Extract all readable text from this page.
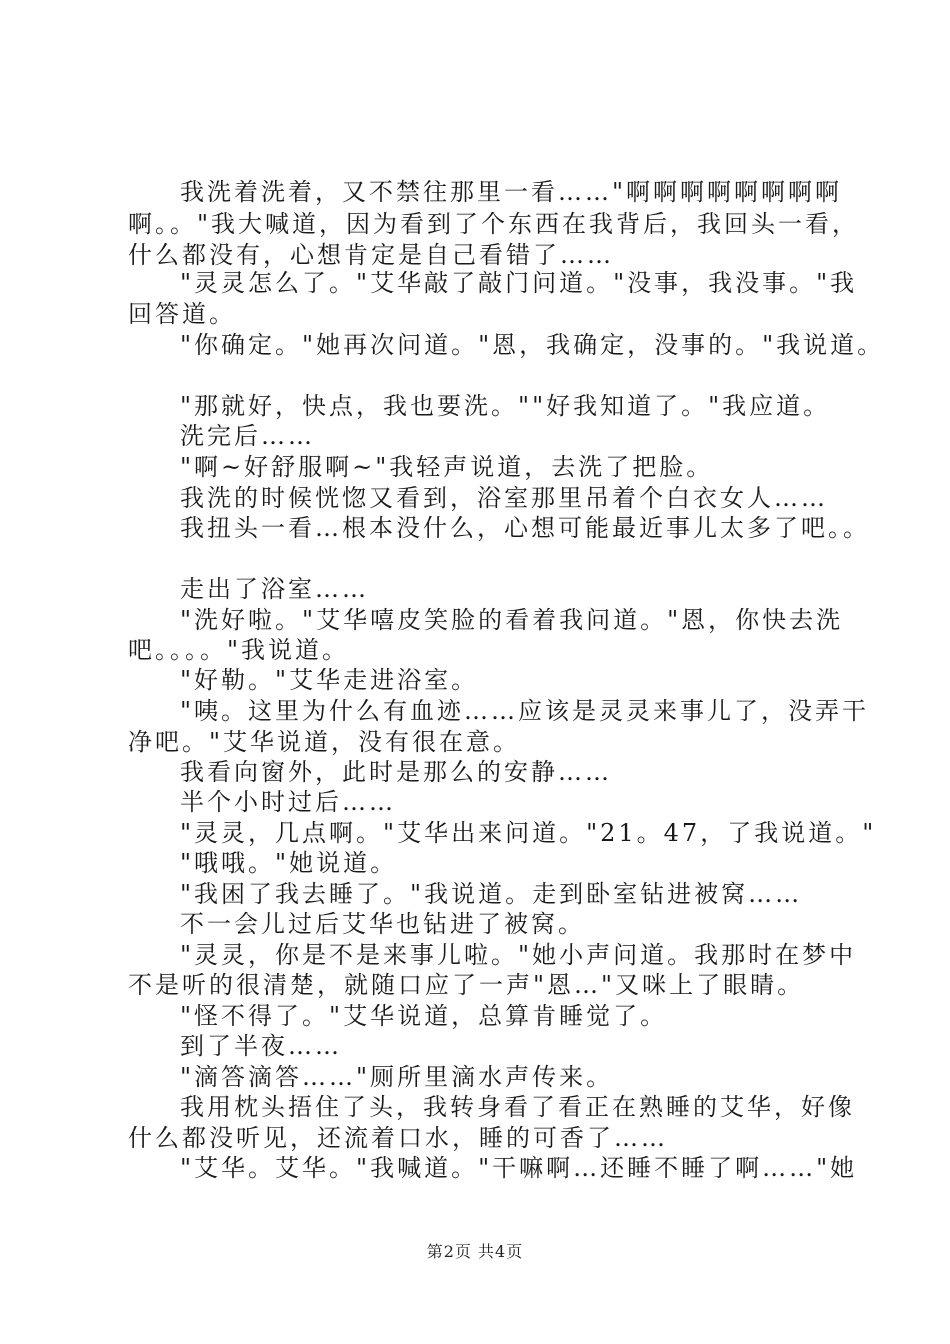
我洗着洗着，又不禁往那里一看……"啊啊啊啊啊啊啊啊
啊。。"我大喊道，因为看到了个东西在我背后，我回头一看，
什么都没有，心想肯定是自己看错了……
"灵灵怎么了。"艾华敲了敲门问道。"没事，我没事。"我
回答道。
"你确定。"她再次问道。"恩，我确定，没事的。"我说道。
"那就好，快点，我也要洗。""好我知道了。"我应道。
洗完后……
"啊~好舒服啊~"我轻声说道，去洗了把脸。
我洗的时候恍惚又看到，浴室那里吊着个白衣女人……
我扭头一看…根本没什么，心想可能最近事儿太多了吧。。
走出了浴室……
"洗好啦。"艾华嘻皮笑脸的看着我问道。"恩，你快去洗
吧。。。。"我说道。
"好勒。"艾华走进浴室。
"咦。这里为什么有血迹……应该是灵灵来事儿了，没弄干
净吧。"艾华说道，没有很在意。
我看向窗外，此时是那么的安静……
半个小时过后……
"灵灵，几点啊。"艾华出来问道。"21。47，了我说道。"
"哦哦。"她说道。
"我困了我去睡了。"我说道。走到卧室钻进被窝……
不一会儿过后艾华也钻进了被窝。
"灵灵，你是不是来事儿啦。"她小声问道。我那时在梦中
不是听的很清楚，就随口应了一声"恩…"又咪上了眼睛。
"怪不得了。"艾华说道，总算肯睡觉了。
到了半夜……
"滴答滴答……"厕所里滴水声传来。
我用枕头捂住了头，我转身看了看正在熟睡的艾华，好像
什么都没听见，还流着口水，睡的可香了……
"艾华。艾华。"我喊道。"干嘛啊…还睡不睡了啊……"她
第2页 共4页
